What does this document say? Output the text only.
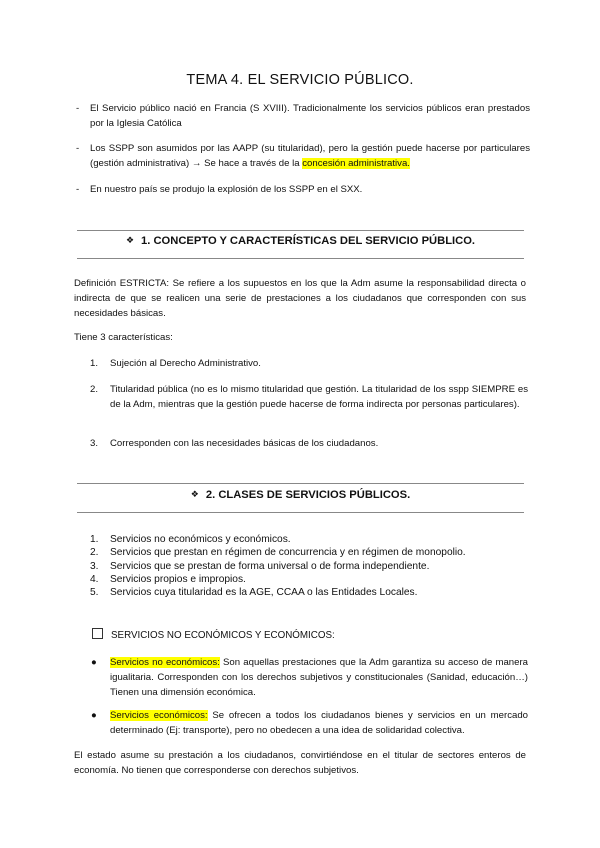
TEMA 4. EL SERVICIO PÚBLICO.
- El Servicio público nació en Francia (S XVIII). Tradicionalmente los servicios públicos eran prestados por la Iglesia Católica
- Los SSPP son asumidos por las AAPP (su titularidad), pero la gestión puede hacerse por particulares (gestión administrativa) → Se hace a través de la concesión administrativa.
- En nuestro país se produjo la explosión de los SSPP en el SXX.
❖ 1. CONCEPTO Y CARACTERÍSTICAS DEL SERVICIO PÚBLICO.
Definición ESTRICTA: Se refiere a los supuestos en los que la Adm asume la responsabilidad directa o indirecta de que se realicen una serie de prestaciones a los ciudadanos que corresponden con sus necesidades básicas.
Tiene 3 características:
1. Sujeción al Derecho Administrativo.
2. Titularidad pública (no es lo mismo titularidad que gestión. La titularidad de los sspp SIEMPRE es de la Adm, mientras que la gestión puede hacerse de forma indirecta por personas particulares).
3. Corresponden con las necesidades básicas de los ciudadanos.
❖ 2. CLASES DE SERVICIOS PÚBLICOS.
1. Servicios no económicos y económicos.
2. Servicios que prestan en régimen de concurrencia y en régimen de monopolio.
3. Servicios que se prestan de forma universal o de forma independiente.
4. Servicios propios e impropios.
5. Servicios cuya titularidad es la AGE, CCAA o las Entidades Locales.
SERVICIOS NO ECONÓMICOS Y ECONÓMICOS:
● Servicios no económicos: Son aquellas prestaciones que la Adm garantiza su acceso de manera igualitaria. Corresponden con los derechos subjetivos y constitucionales (Sanidad, educación…) Tienen una dimensión económica.
● Servicios económicos: Se ofrecen a todos los ciudadanos bienes y servicios en un mercado determinado (Ej: transporte), pero no obedecen a una idea de solidaridad colectiva.
El estado asume su prestación a los ciudadanos, convirtiéndose en el titular de sectores enteros de economía. No tienen que corresponderse con derechos subjetivos.
